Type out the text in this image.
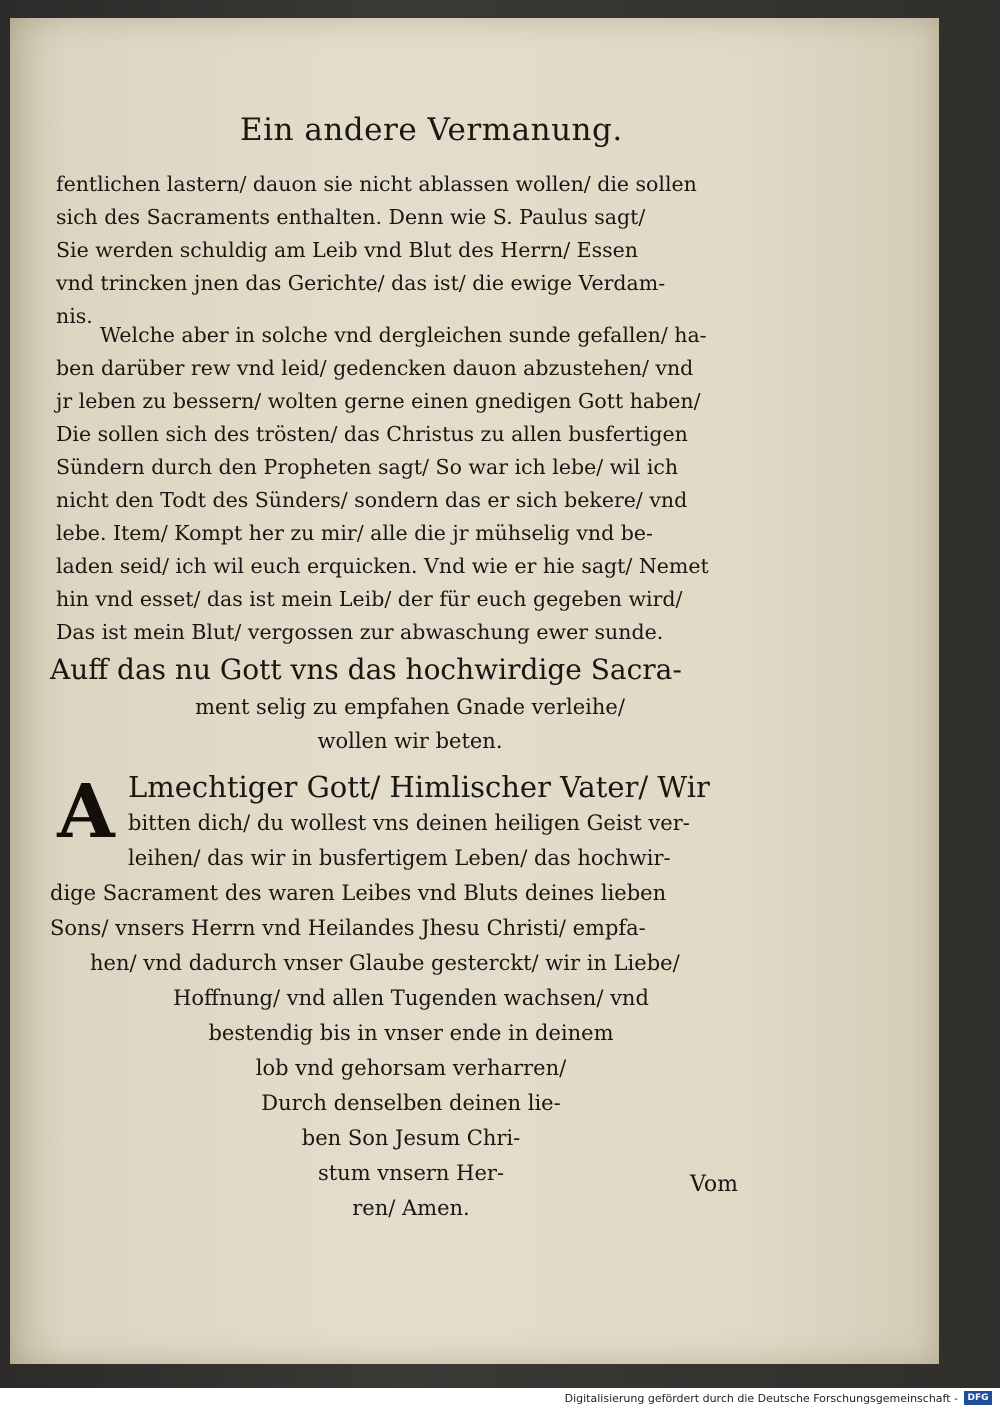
Ein andere Vermanung.

fentlichen lastern/ dauon sie nicht ablassen wollen/ die sollen

sich des Sacraments enthalten. Denn wie S. Paulus sagt/

Sie werden schuldig am Leib vnd Blut des Herrn/ Essen

vnd trincken jnen das Gerichte/ das ist/ die ewige Verdam-

nis.

Welche aber in solche vnd dergleichen sunde gefallen/ ha-

ben darüber rew vnd leid/ gedencken dauon abzustehen/ vnd

jr leben zu bessern/ wolten gerne einen gnedigen Gott haben/

Die sollen sich des trösten/ das Christus zu allen busfertigen

Sündern durch den Propheten sagt/ So war ich lebe/ wil ich

nicht den Todt des Sünders/ sondern das er sich bekere/ vnd

lebe. Item/ Kompt her zu mir/ alle die jr mühselig vnd be-

laden seid/ ich wil euch erquicken. Vnd wie er hie sagt/ Nemet

hin vnd esset/ das ist mein Leib/ der für euch gegeben wird/

Das ist mein Blut/ vergossen zur abwaschung ewer sunde.

Auff das nu Gott vns das hochwirdige Sacra-
ment selig zu empfahen Gnade verleihe/
wollen wir beten.
A Lmechtiger Gott/ Himlischer Vater/ Wir
bitten dich/ du wollest vns deinen heiligen Geist ver-
leihen/ das wir in busfertigem Leben/ das hochwir-
dige Sacrament des waren Leibes vnd Bluts deines lieben
Sons/ vnsers Herrn vnd Heilandes Jhesu Christi/ empfa-
hen/ vnd dadurch vnser Glaube gesterckt/ wir in Liebe/
Hoffnung/ vnd allen Tugenden wachsen/ vnd
bestendig bis in vnser ende in deinem
lob vnd gehorsam verharren/
Durch denselben deinen lie-
ben Son Jesum Chri-
stum vnsern Her-
ren/ Amen.
Vom
Digitalisierung gefördert durch die Deutsche Forschungsgemeinschaft -	DFG
